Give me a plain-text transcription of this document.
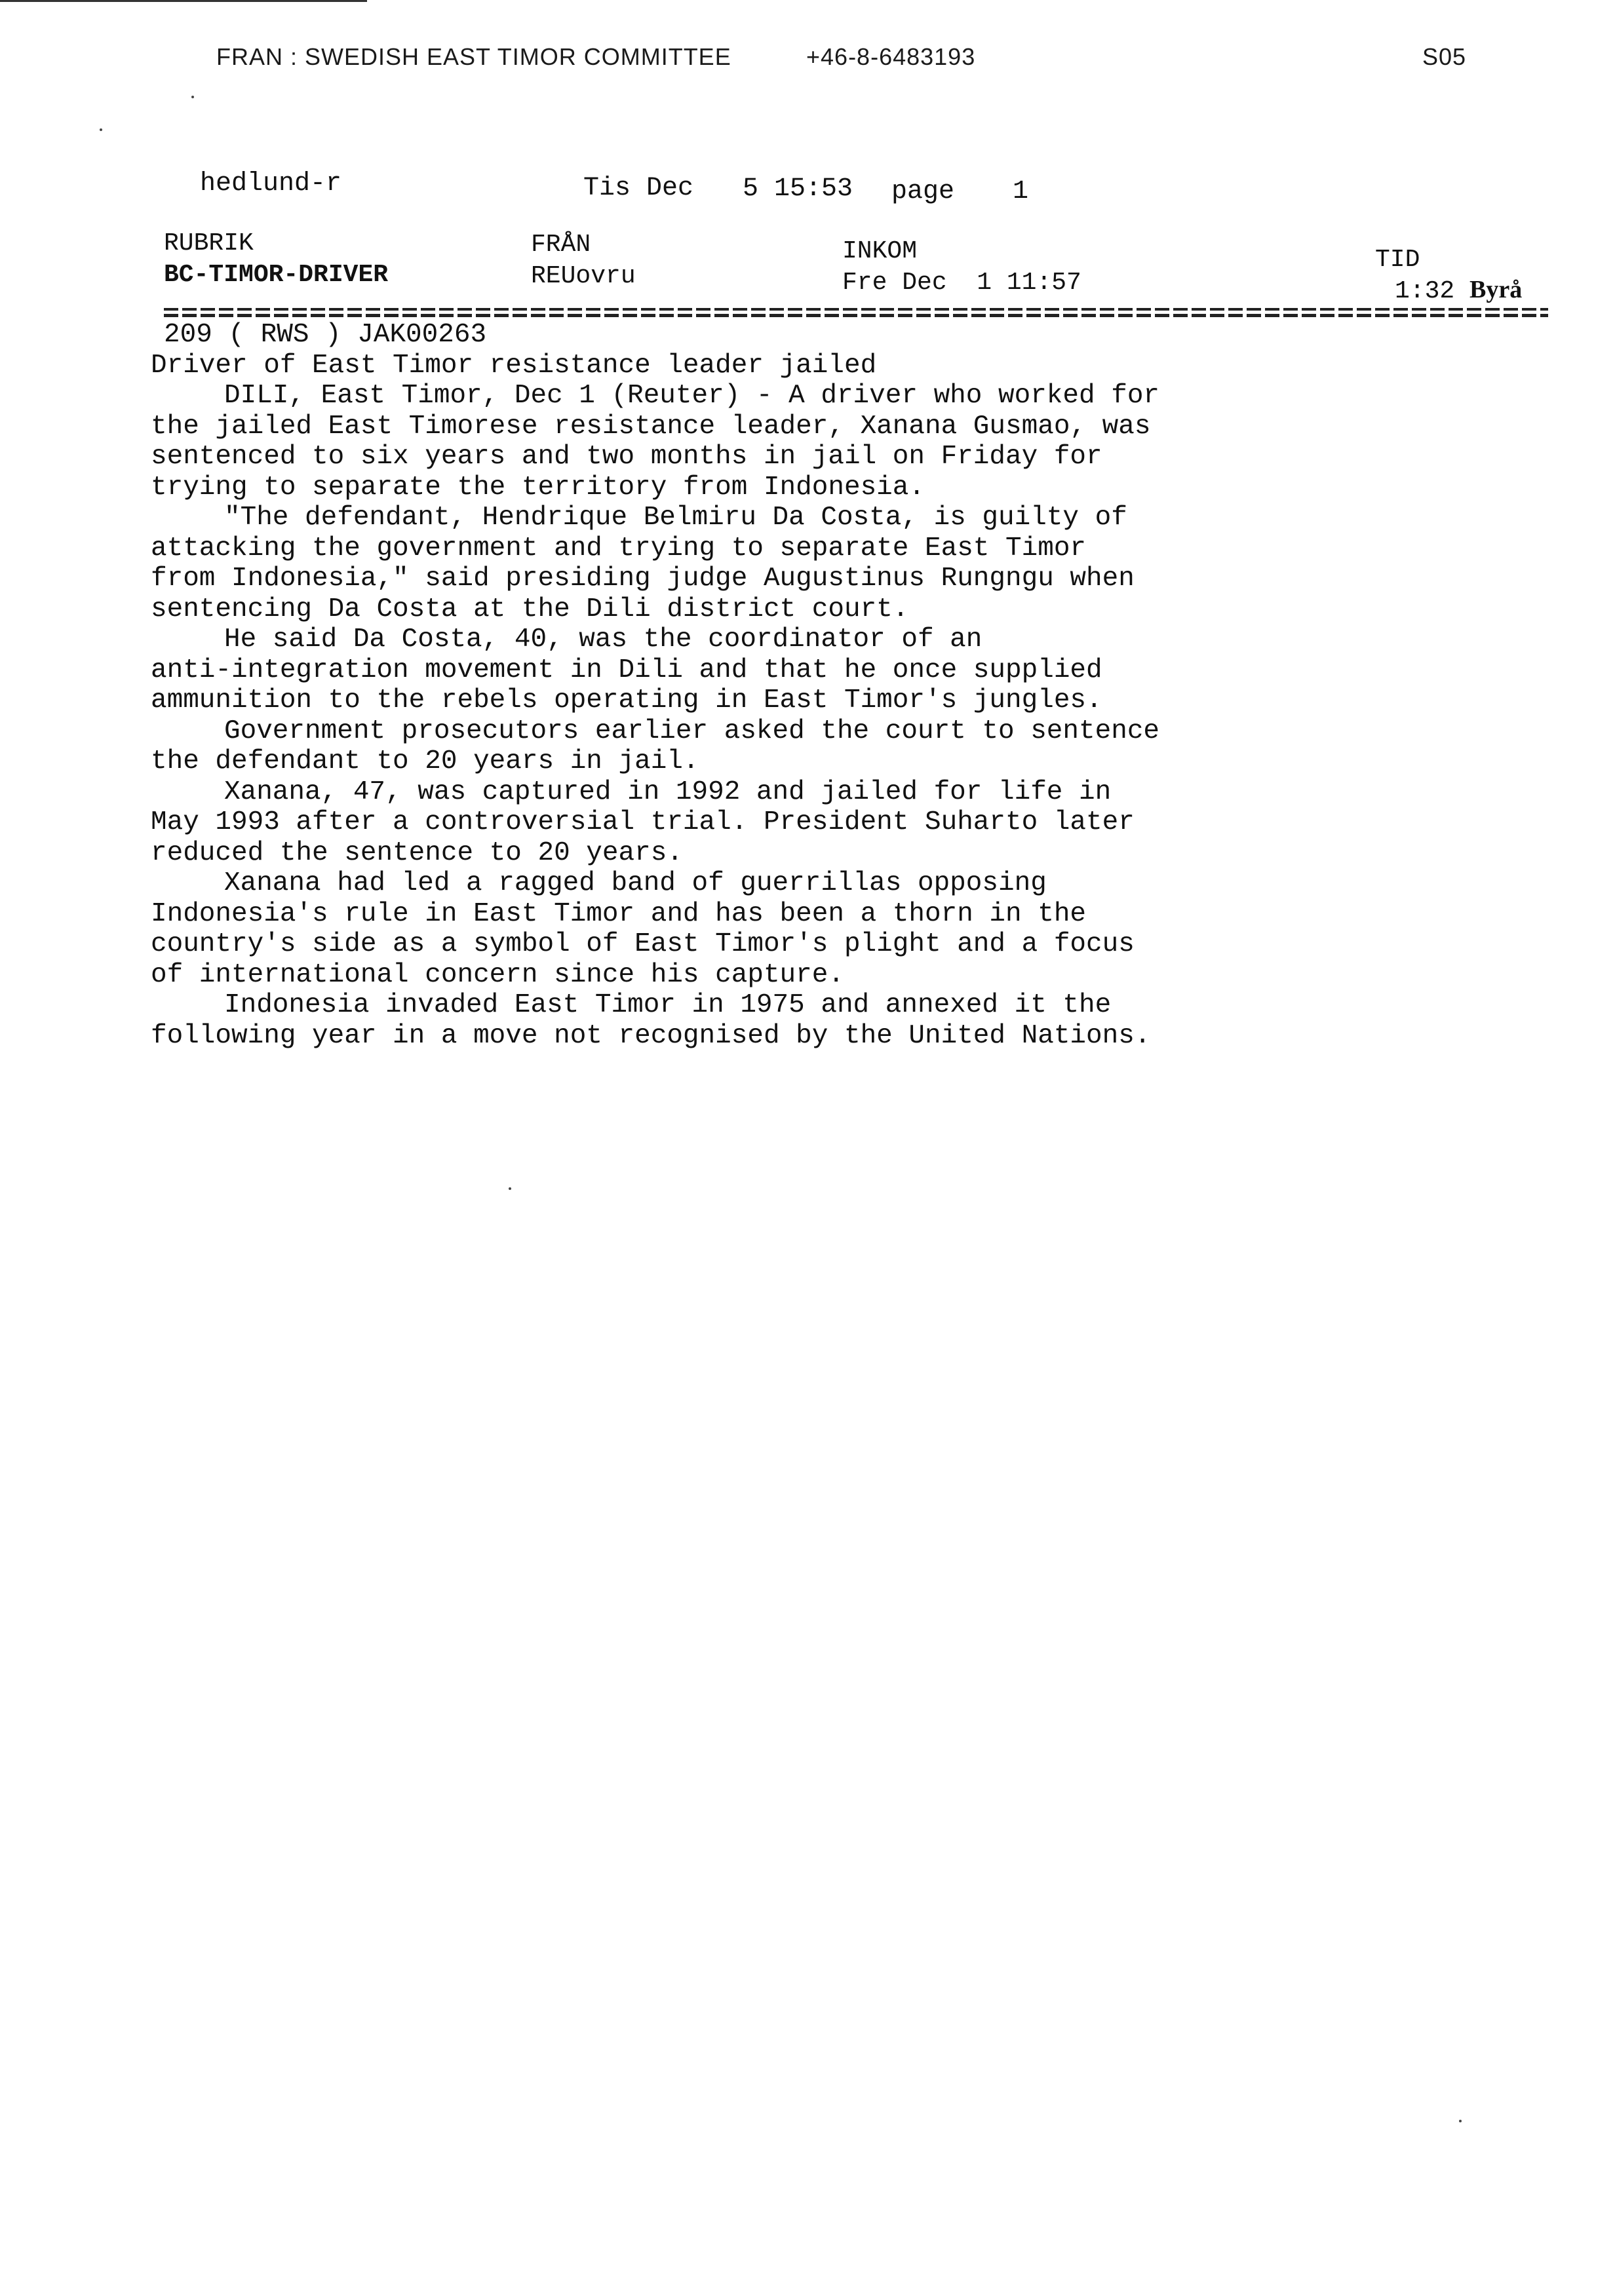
FRAN : SWEDISH EAST TIMOR COMMITTEE	+46-8-6483193	S05
hedlund-r	Tis Dec 5 15:53 page 1
RUBRIK	FRÅN	INKOM	TID
BC-TIMOR-DRIVER	REUovru	Fre Dec  1 11:57	1:32 Byrå
209 ( RWS ) JAK00263
Driver of East Timor resistance leader jailed
DILI, East Timor, Dec 1 (Reuter) - A driver who worked for
the jailed East Timorese resistance leader, Xanana Gusmao, was
sentenced to six years and two months in jail on Friday for
trying to separate the territory from Indonesia.
"The defendant, Hendrique Belmiru Da Costa, is guilty of
attacking the government and trying to separate East Timor
from Indonesia," said presiding judge Augustinus Rungngu when
sentencing Da Costa at the Dili district court.
He said Da Costa, 40, was the coordinator of an
anti-integration movement in Dili and that he once supplied
ammunition to the rebels operating in East Timor's jungles.
Government prosecutors earlier asked the court to sentence
the defendant to 20 years in jail.
Xanana, 47, was captured in 1992 and jailed for life in
May 1993 after a controversial trial. President Suharto later
reduced the sentence to 20 years.
Xanana had led a ragged band of guerrillas opposing
Indonesia's rule in East Timor and has been a thorn in the
country's side as a symbol of East Timor's plight and a focus
of international concern since his capture.
Indonesia invaded East Timor in 1975 and annexed it the
following year in a move not recognised by the United Nations.
